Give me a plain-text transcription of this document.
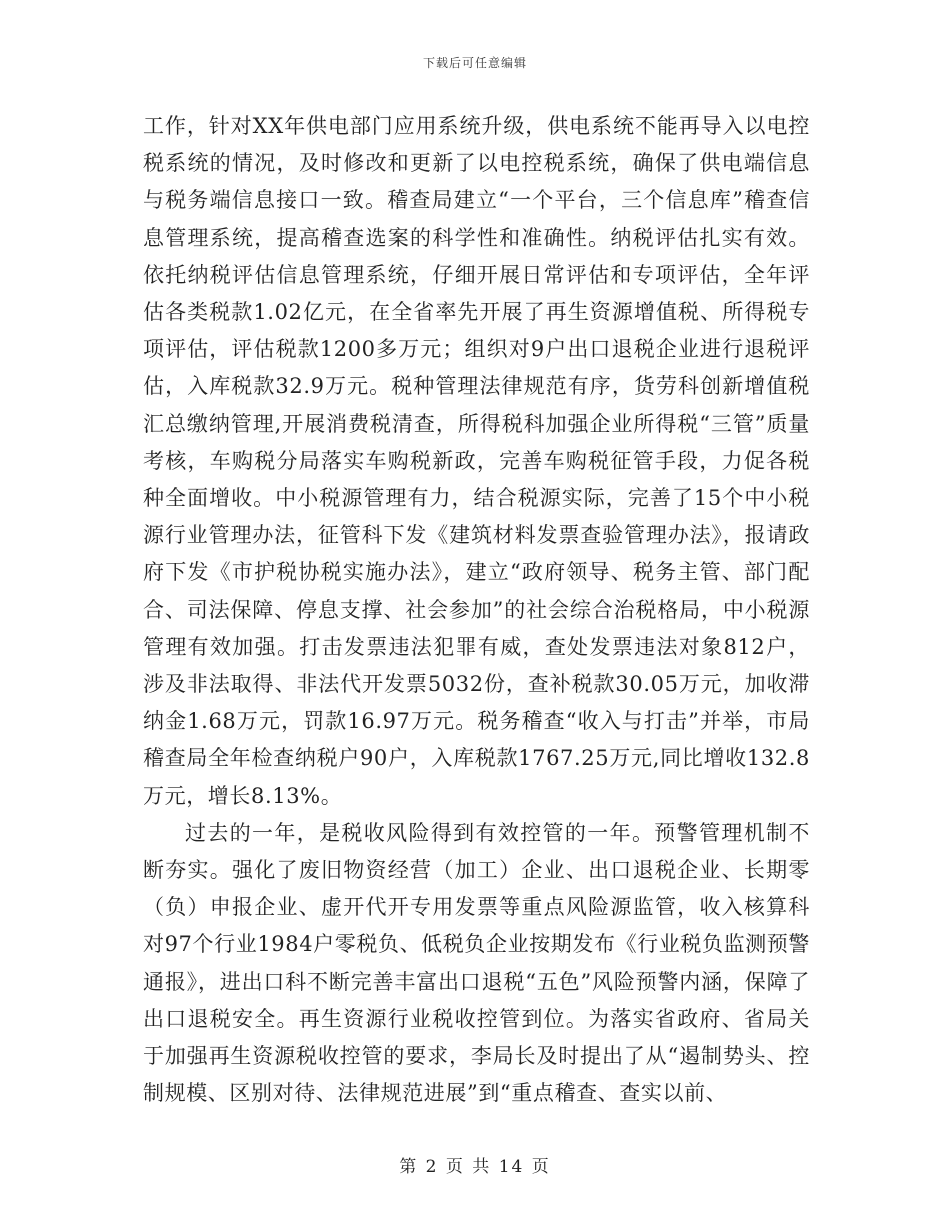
下载后可任意编辑

工作，针对XX年供电部门应用系统升级，供电系统不能再导入以电控税系统的情况，及时修改和更新了以电控税系统，确保了供电端信息与税务端信息接口一致。稽查局建立“一个平台，三个信息库”稽查信息管理系统，提高稽查选案的科学性和准确性。纳税评估扎实有效。依托纳税评估信息管理系统，仔细开展日常评估和专项评估，全年评估各类税款1.02亿元，在全省率先开展了再生资源增值税、所得税专项评估，评估税款1200多万元；组织对9户出口退税企业进行退税评估，入库税款32.9万元。税种管理法律规范有序，货劳科创新增值税汇总缴纳管理,开展消费税清查，所得税科加强企业所得税“三管”质量考核，车购税分局落实车购税新政，完善车购税征管手段，力促各税种全面增收。中小税源管理有力，结合税源实际，完善了15个中小税源行业管理办法，征管科下发《建筑材料发票查验管理办法》，报请政府下发《市护税协税实施办法》，建立“政府领导、税务主管、部门配合、司法保障、停息支撑、社会参加”的社会综合治税格局，中小税源管理有效加强。打击发票违法犯罪有威，查处发票违法对象812户，涉及非法取得、非法代开发票5032份，查补税款30.05万元，加收滞纳金1.68万元，罚款16.97万元。税务稽查“收入与打击”并举，市局稽查局全年检查纳税户90户，入库税款1767.25万元,同比增收132.8万元，增长8.13%。

过去的一年，是税收风险得到有效控管的一年。预警管理机制不断夯实。强化了废旧物资经营（加工）企业、出口退税企业、长期零（负）申报企业、虚开代开专用发票等重点风险源监管，收入核算科对97个行业1984户零税负、低税负企业按期发布《行业税负监测预警通报》，进出口科不断完善丰富出口退税“五色”风险预警内涵，保障了出口退税安全。再生资源行业税收控管到位。为落实省政府、省局关于加强再生资源税收控管的要求，李局长及时提出了从“遏制势头、控制规模、区别对待、法律规范进展”到“重点稽查、查实以前、

第 2 页 共 14 页
